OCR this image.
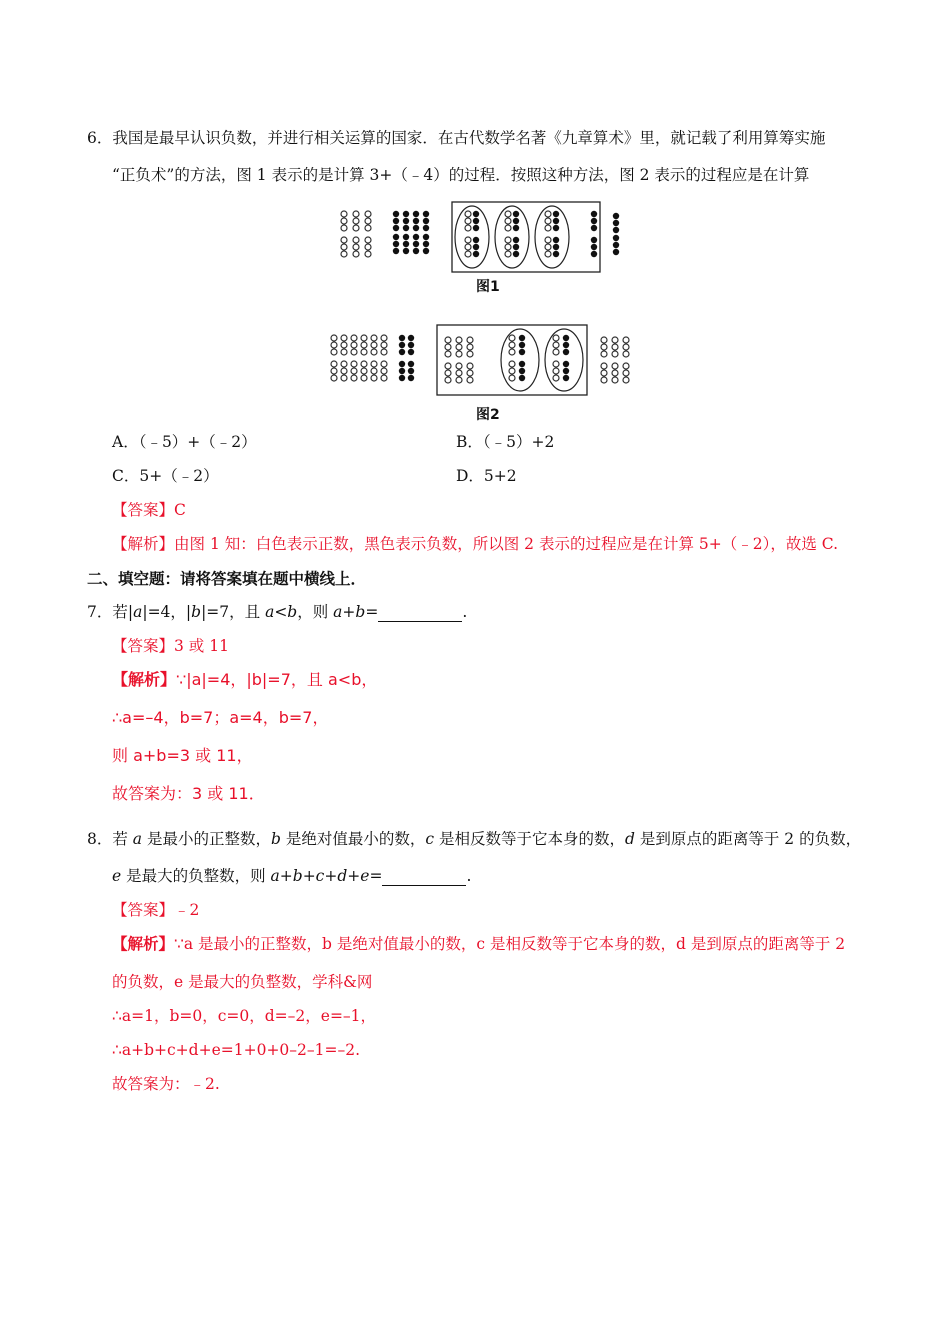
6．我国是最早认识负数，并进行相关运算的国家．在古代数学名著《九章算术》里，就记载了利用算筹实施
“正负术”的方法，图 1 表示的是计算 3+（﹣4）的过程．按照这种方法，图 2 表示的过程应是在计算
图1
图2
A．（﹣5）+（﹣2）	B．（﹣5）+2
C．5+（﹣2）	D．5+2
【答案】C
【解析】由图 1 知：白色表示正数，黑色表示负数，所以图 2 表示的过程应是在计算 5+（﹣2），故选 C.
二、填空题：请将答案填在题中横线上．
7．若|a|=4，|b|=7，且 a<b，则 a+b=	.
【答案】3 或 11
【解析】∵|a|=4，|b|=7，且 a<b，
∴a=–4，b=7；a=4，b=7，
则 a+b=3 或 11，
故答案为：3 或 11．
8．若 a 是最小的正整数，b 是绝对值最小的数，c 是相反数等于它本身的数，d 是到原点的距离等于 2 的负数，
e 是最大的负整数，则 a+b+c+d+e=	.
【答案】﹣2
【解析】∵a 是最小的正整数，b 是绝对值最小的数，c 是相反数等于它本身的数，d 是到原点的距离等于 2
的负数，e 是最大的负整数，学科&网
∴a=1，b=0，c=0，d=–2，e=–1，
∴a+b+c+d+e=1+0+0–2–1=–2.
故答案为：﹣2.
